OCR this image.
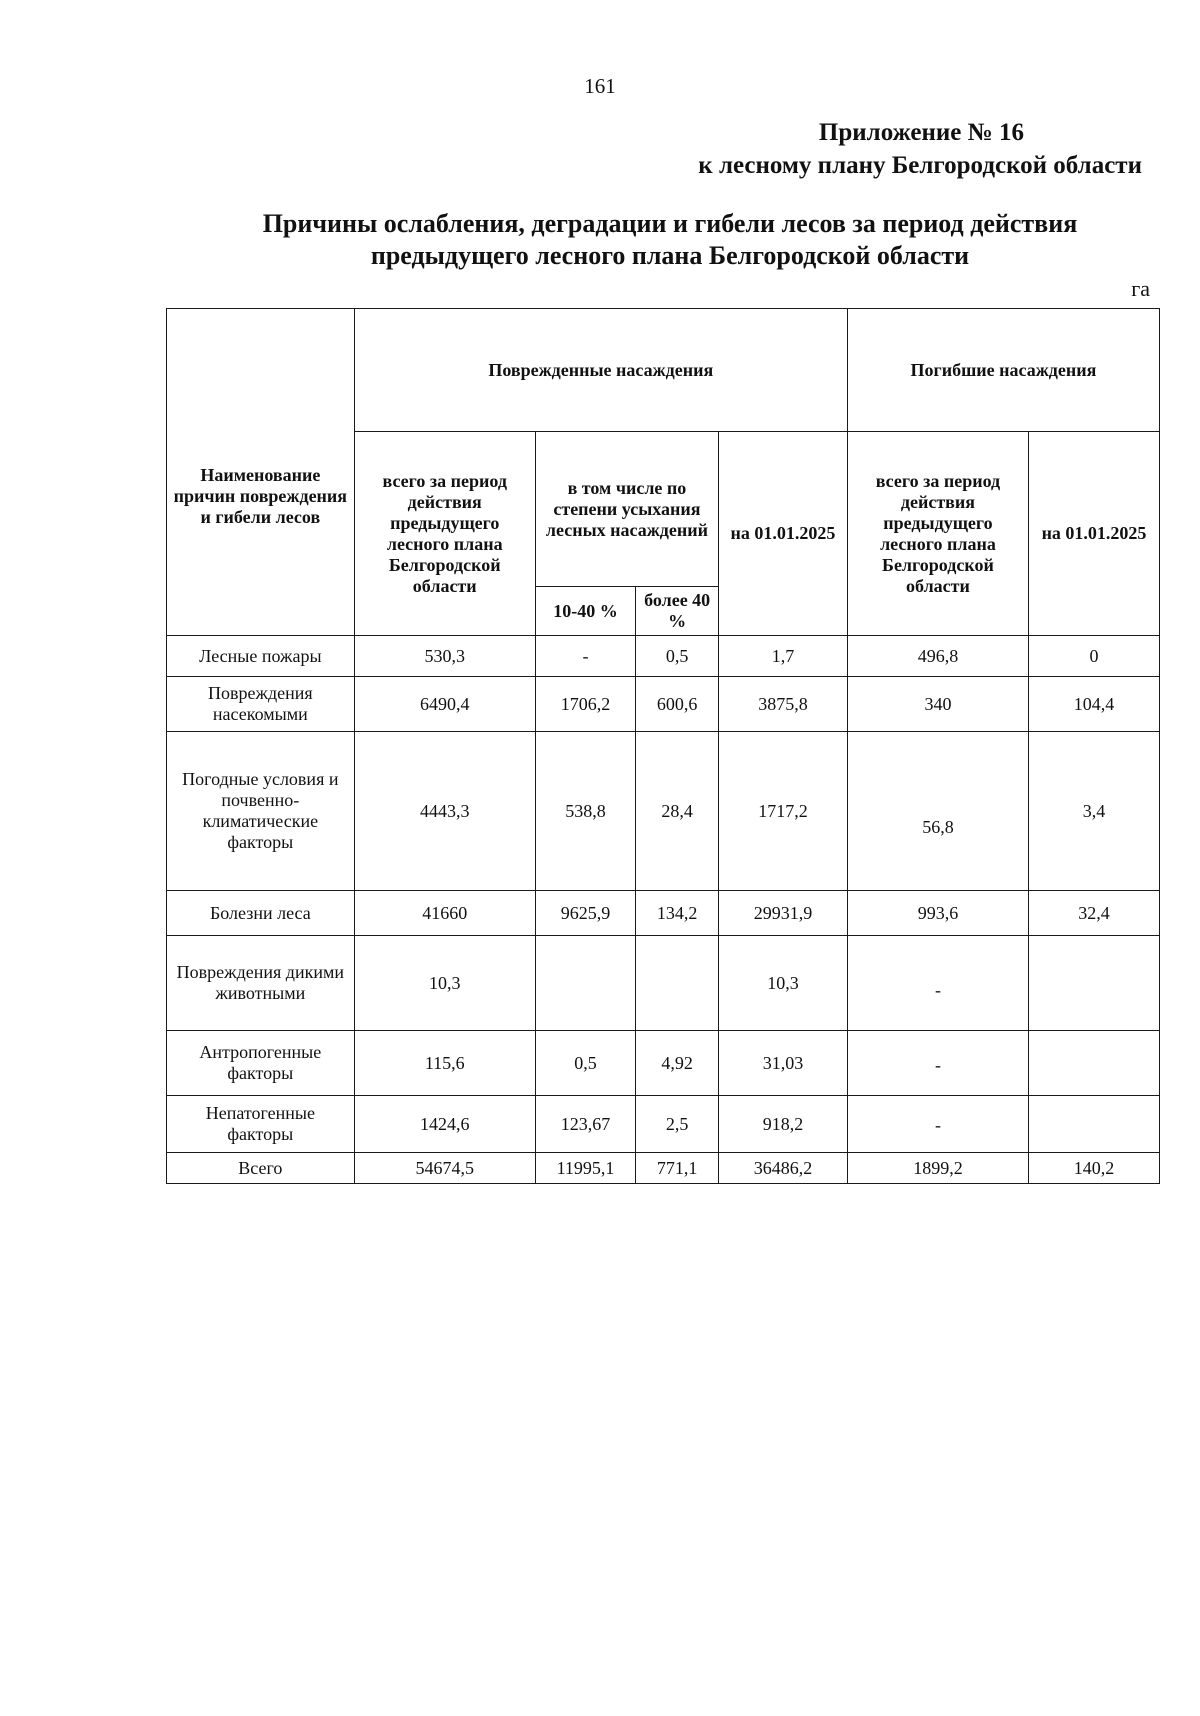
161
Приложение № 16
к лесному плану Белгородской области
Причины ослабления, деградации и гибели лесов за период действия
предыдущего лесного плана Белгородской области
га
Наименование причин повреждения и гибели лесов	Поврежденные насаждения				Погибшие насаждения	
	всего за период действия предыдущего лесного плана Белгородской области	в том числе по степени усыхания лесных насаждений		на 01.01.2025	всего за период действия предыдущего лесного плана Белгородской области	на 01.01.2025
		10-40 %	более 40 %			
Лесные пожары	530,3	-	0,5	1,7	496,8	0
Повреждения насекомыми	6490,4	1706,2	600,6	3875,8	340	104,4
Погодные условия и почвенно-климатические факторы	4443,3	538,8	28,4	1717,2	56,8	3,4
Болезни леса	41660	9625,9	134,2	29931,9	993,6	32,4
Повреждения дикими животными	10,3			10,3	-	
Антропогенные факторы	115,6	0,5	4,92	31,03	-	
Непатогенные факторы	1424,6	123,67	2,5	918,2	-	
Всего	54674,5	11995,1	771,1	36486,2	1899,2	140,2
